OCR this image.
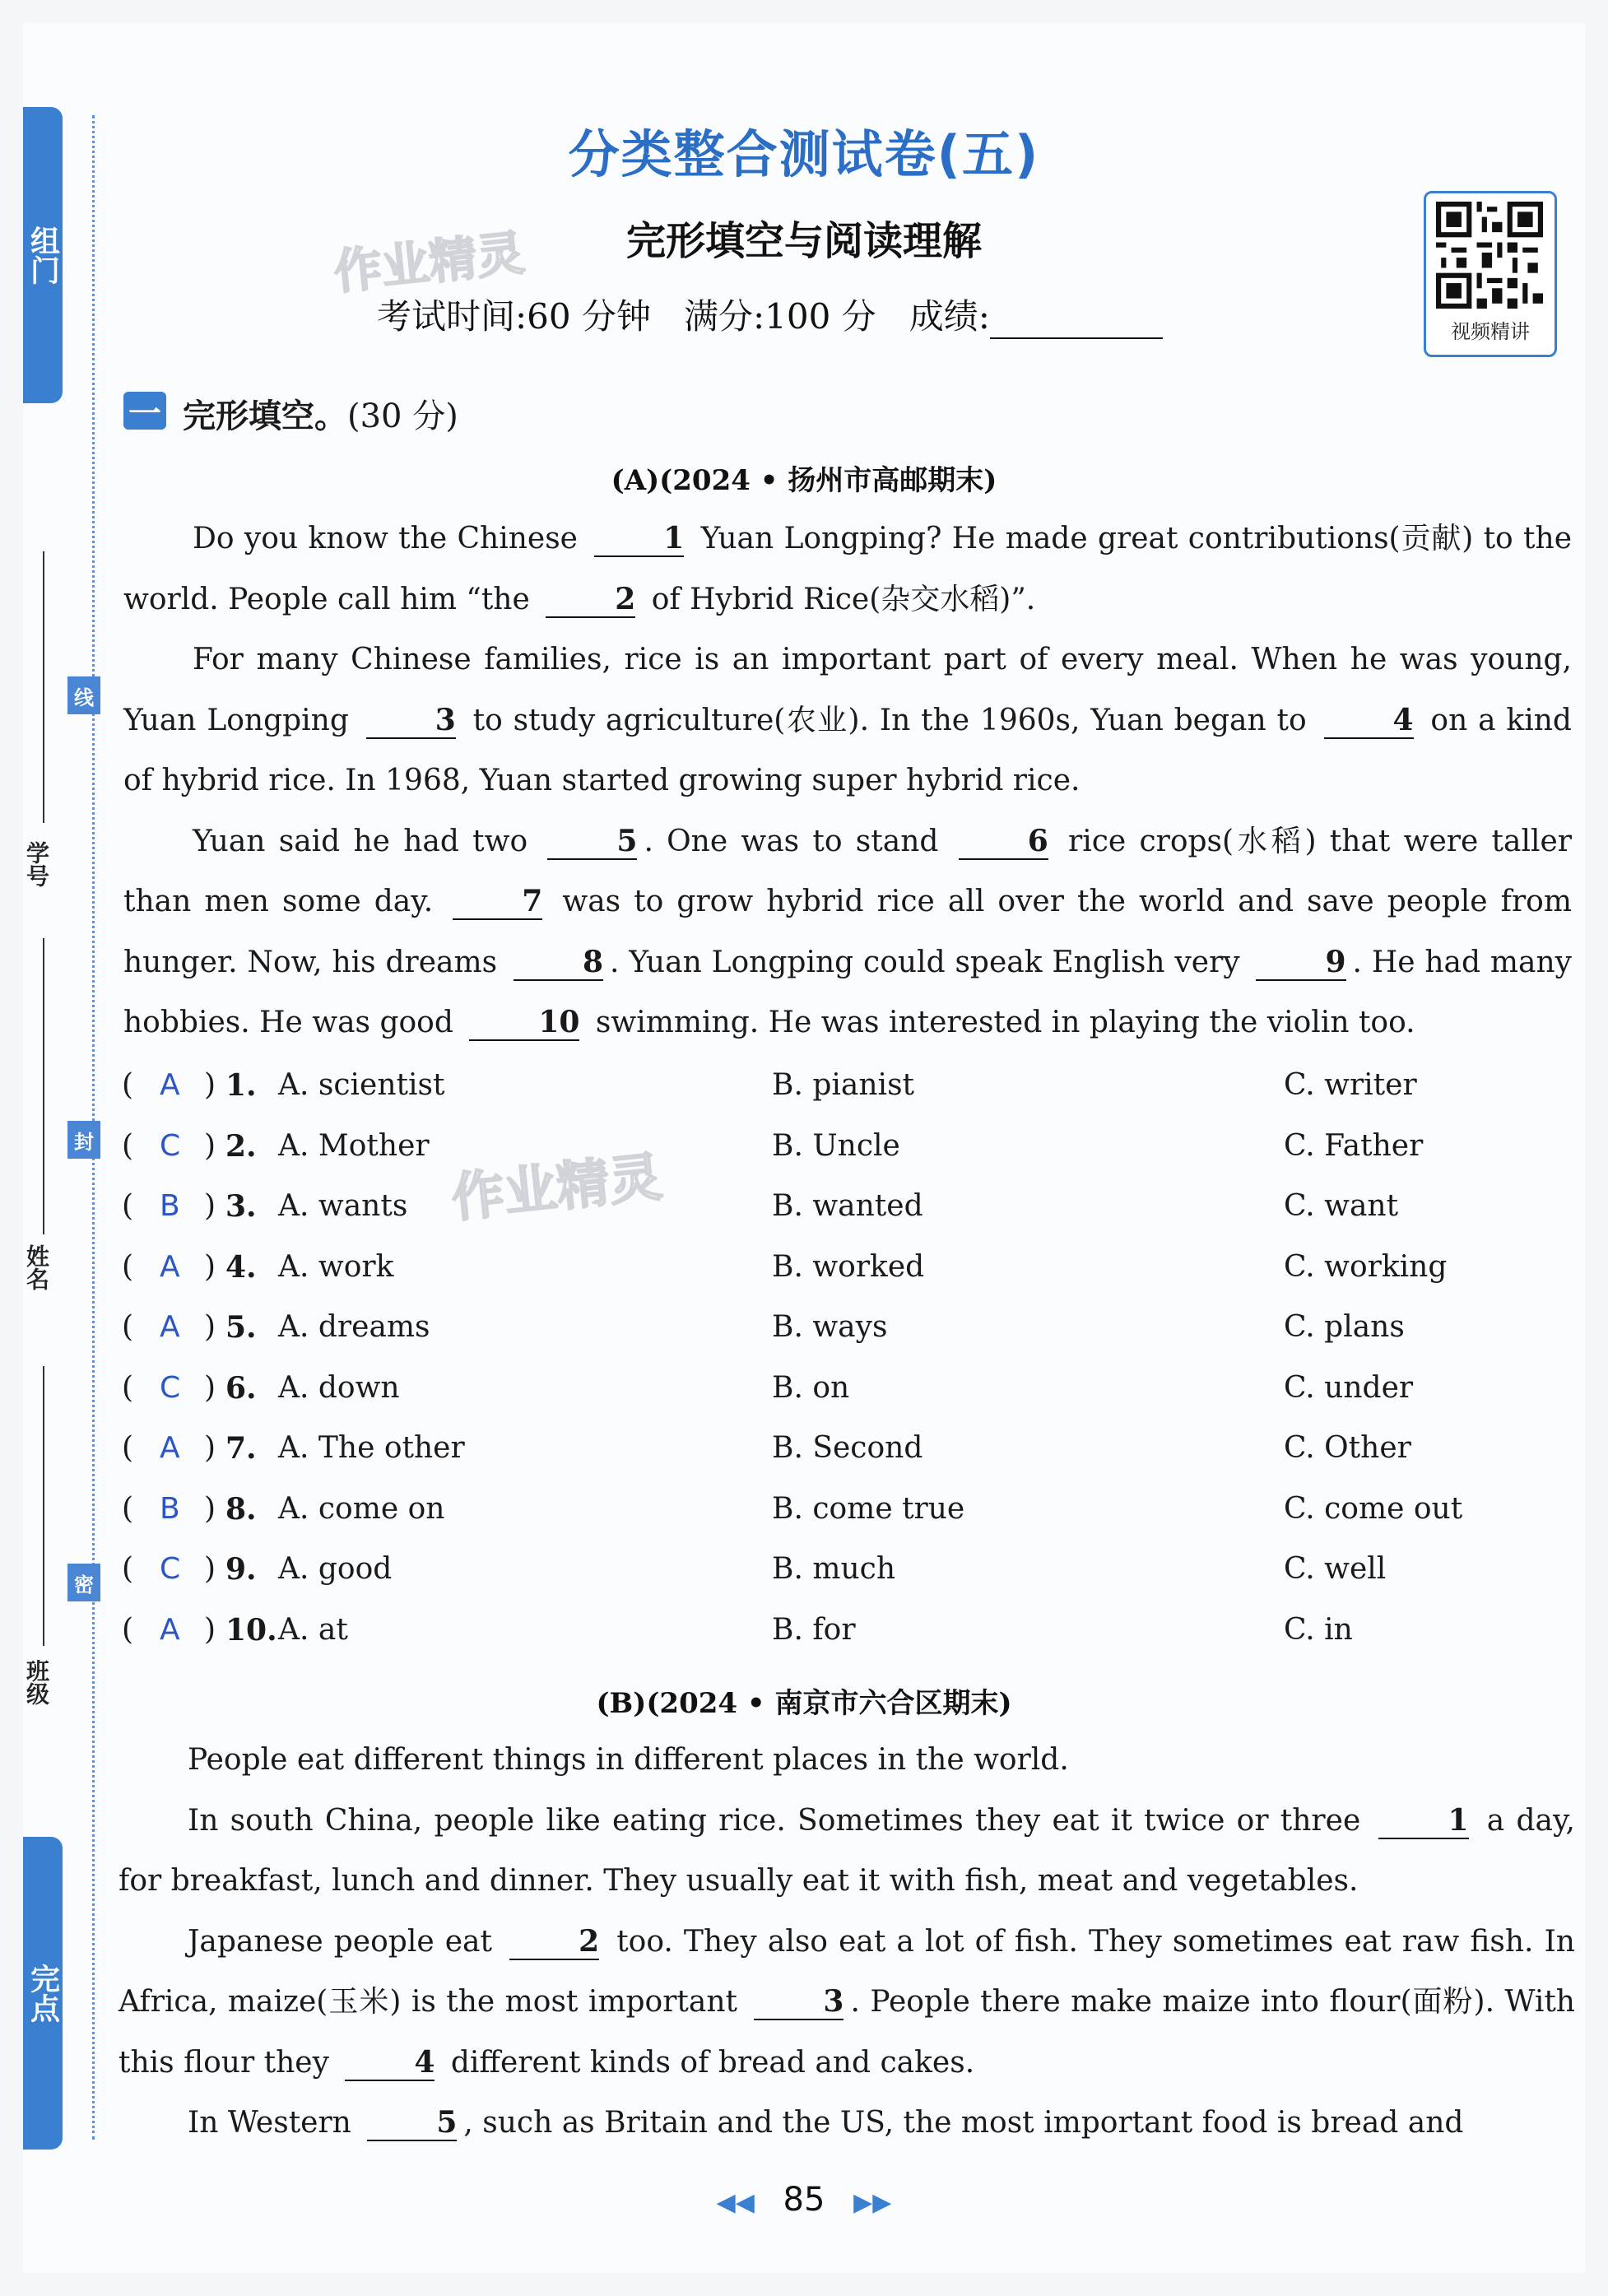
组门
完点
线
封
密
学号
姓名
班级
分类整合测试卷(五)
完形填空与阅读理解
考试时间:60 分钟   满分:100 分   成绩:
作业精灵
作业精灵
视频精讲
一 完形填空。(30 分)
(A)(2024 • 扬州市高邮期末)

Do you know the Chinese	1 Yuan Longping? He made great contributions(贡献) to the world. People call him “the	2 of Hybrid Rice(杂交水稻)”.

For many Chinese families, rice is an important part of every meal. When he was young, Yuan Longping	3 to study agriculture(农业). In the 1960s, Yuan began to	4 on a kind of hybrid rice. In 1968, Yuan started growing super hybrid rice.

Yuan said he had two	5 . One was to stand	6 rice crops(水稻) that were taller than men some day.	7 was to grow hybrid rice all over the world and save people from hunger. Now, his dreams	8 . Yuan Longping could speak English very	9 . He had many hobbies. He was good	10 swimming. He was interested in playing the violin too.

( A ) 1. A. scientist	B. pianist	C. writer
( C ) 2. A. Mother	B. Uncle	C. Father
( B ) 3. A. wants	B. wanted	C. want
( A ) 4. A. work	B. worked	C. working
( A ) 5. A. dreams	B. ways	C. plans
( C ) 6. A. down	B. on	C. under
( A ) 7. A. The other	B. Second	C. Other
( B ) 8. A. come on	B. come true	C. come out
( C ) 9. A. good	B. much	C. well
( A ) 10. A. at	B. for	C. in
(B)(2024 • 南京市六合区期末)

People eat different things in different places in the world.

In south China, people like eating rice. Sometimes they eat it twice or three	1 a day, for breakfast, lunch and dinner. They usually eat it with fish, meat and vegetables.

Japanese people eat	2 too. They also eat a lot of fish. They sometimes eat raw fish. In Africa, maize(玉米) is the most important	3 . People there make maize into flour(面粉). With this flour they	4 different kinds of bread and cakes.

In Western	5 , such as Britain and the US, the most important food is bread and

◀◀ 85 ▶▶
